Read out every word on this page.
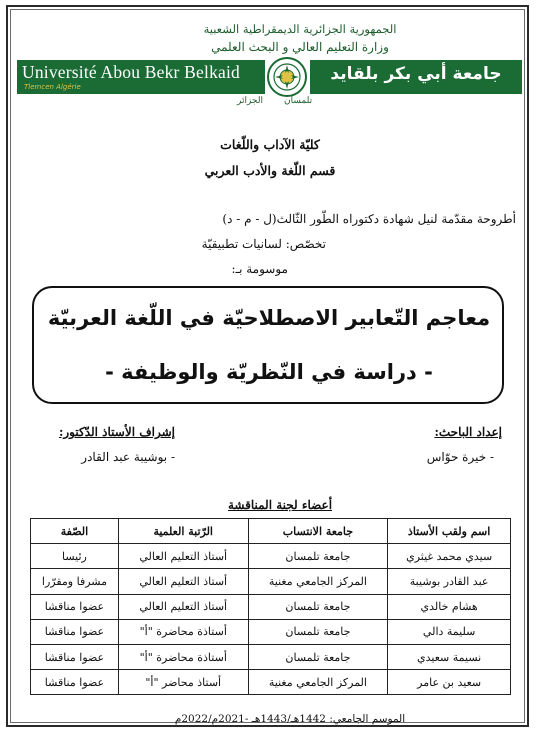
الجمهورية الجزائرية الديمقراطية الشعبية
وزارة التعليم العالي و البحث العلمي
Université Abou Bekr Belkaid
Tlemcen Algérie
جامعة أبي بكر بلقايد
تلمسان
الجزائر
كليّة الآداب واللّغات
قسم اللّغة والأدب العربي
أطروحة مقدّمة لنيل شهادة دكتوراه الطّور الثّالث(ل - م - د)
تخصّص: لسانيات تطبيقيّة
موسومة بـ:
معاجم التّعابير الاصطلاحيّة في اللّغة العربيّة
- دراسة في النّظريّة والوظيفة -
إعداد الباحث:
إشراف الأستاذ الدّكتور:
- خيرة حوّاس
- بوشيبة عبد القادر
أعضاء لجنة المناقشة
اسم ولقب الأستاذ	جامعة الانتساب	الرّتبة العلمية	الصّفة
سيدي محمد غيثري	جامعة تلمسان	أستاذ التعليم العالي	رئيسا
عبد القادر بوشيبة	المركز الجامعي مغنية	أستاذ التعليم العالي	مشرفا ومقرّرا
هشام خالدي	جامعة تلمسان	أستاذ التعليم العالي	عضوا مناقشا
سليمة دالي	جامعة تلمسان	أستاذة محاضرة "أ"	عضوا مناقشا
نسيمة سعيدي	جامعة تلمسان	أستاذة محاضرة "أ"	عضوا مناقشا
سعيد بن عامر	المركز الجامعي مغنية	أستاذ محاضر "أ"	عضوا مناقشا
الموسم الجامعي: 1442هـ/1443هـ -2021م/2022م
